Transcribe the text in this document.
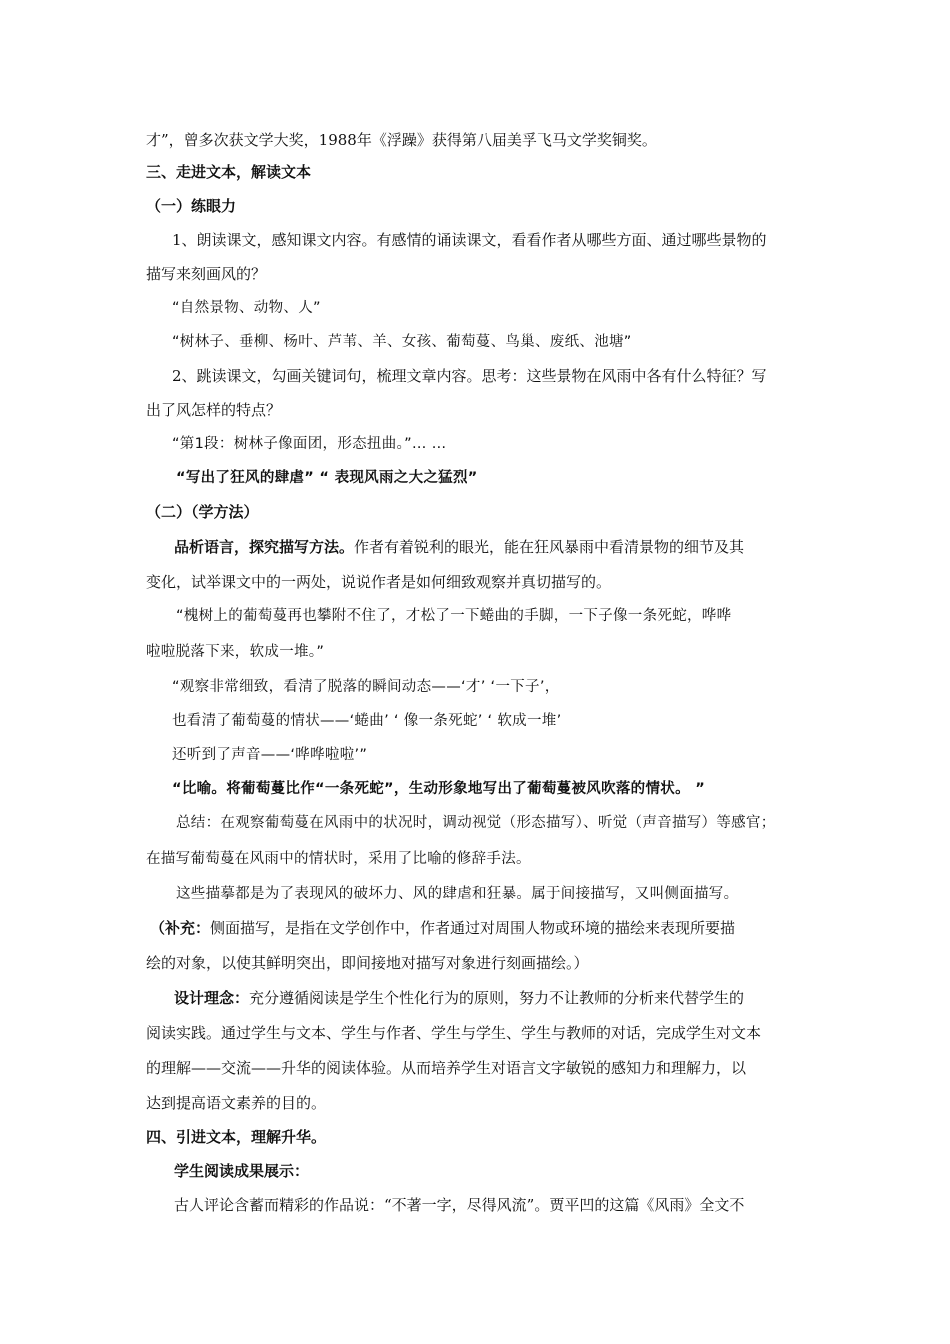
才”，曾多次获文学大奖，1988年《浮躁》获得第八届美孚飞马文学奖铜奖。
三、走进文本，解读文本
（一）练眼力
1、朗读课文，感知课文内容。有感情的诵读课文，看看作者从哪些方面、通过哪些景物的
描写来刻画风的？
“自然景物、动物、人”
“树林子、垂柳、杨叶、芦苇、羊、女孩、葡萄蔓、鸟巢、废纸、池塘”
2、跳读课文，勾画关键词句，梳理文章内容。思考：这些景物在风雨中各有什么特征？写
出了风怎样的特点？
“第1段：树林子像面团，形态扭曲。”… …
“写出了狂风的肆虐” “ 表现风雨之大之猛烈”
（二）（学方法）
品析语言，探究描写方法。作者有着锐利的眼光，能在狂风暴雨中看清景物的细节及其
变化，试举课文中的一两处，说说作者是如何细致观察并真切描写的。
“槐树上的葡萄蔓再也攀附不住了，才松了一下蜷曲的手脚，一下子像一条死蛇，哗哗
啦啦脱落下来，软成一堆。”
“观察非常细致，看清了脱落的瞬间动态——‘才’ ‘一下子’，
也看清了葡萄蔓的情状——‘蜷曲’ ‘ 像一条死蛇’ ‘ 软成一堆’
还听到了声音——‘哗哗啦啦’”
“比喻。将葡萄蔓比作“一条死蛇”，生动形象地写出了葡萄蔓被风吹落的情状。 ”
总结：在观察葡萄蔓在风雨中的状况时，调动视觉（形态描写）、听觉（声音描写）等感官；
在描写葡萄蔓在风雨中的情状时，采用了比喻的修辞手法。
这些描摹都是为了表现风的破坏力、风的肆虐和狂暴。属于间接描写，又叫侧面描写。
（补充：侧面描写，是指在文学创作中，作者通过对周围人物或环境的描绘来表现所要描
绘的对象，以使其鲜明突出，即间接地对描写对象进行刻画描绘。）
设计理念：充分遵循阅读是学生个性化行为的原则，努力不让教师的分析来代替学生的
阅读实践。通过学生与文本、学生与作者、学生与学生、学生与教师的对话，完成学生对文本
的理解——交流——升华的阅读体验。从而培养学生对语言文字敏锐的感知力和理解力，以
达到提高语文素养的目的。
四、引进文本，理解升华。
学生阅读成果展示：
古人评论含蓄而精彩的作品说：“不著一字，尽得风流”。贾平凹的这篇《风雨》全文不
